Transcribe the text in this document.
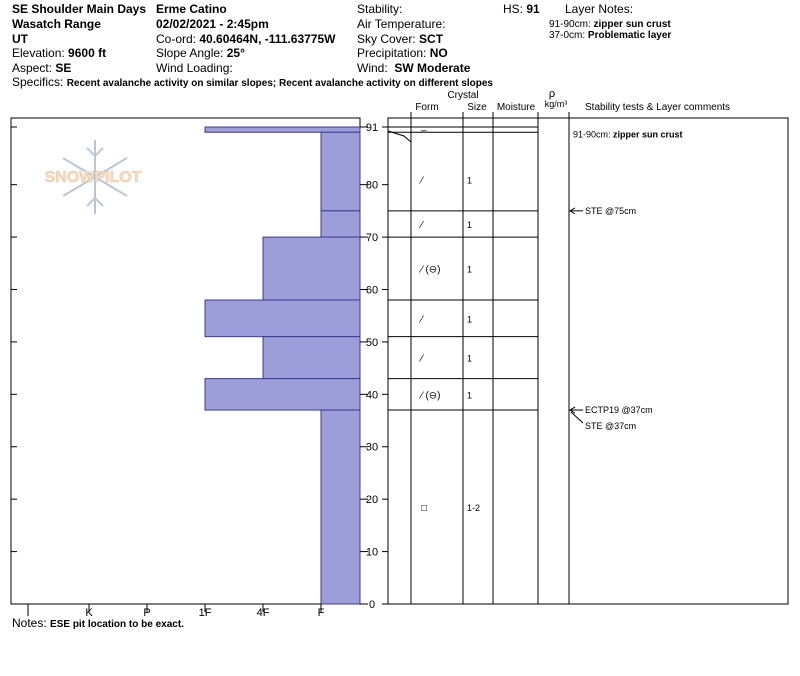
SE Shoulder Main Days
Wasatch Range
UT
Elevation: 9600 ft
Aspect: SE
Erme Catino
02/02/2021 - 2:45pm
Co-ord: 40.60464N, -111.63775W
Slope Angle: 25°
Wind Loading:
Stability:
Air Temperature:
Sky Cover: SCT
Precipitation: NO
Wind: SW Moderate
HS: 91 Layer Notes:
91-90cm: zipper sun crust
37-0cm: Problematic layer
Specifics: Recent avalanche activity on similar slopes; Recent avalanche activity on different slopes
Notes: ESE pit location to be exact.
SNOWPILOT
I	K	P	1F	4F	F
0
10
20
30
40
50
60
70
80
91
Crystal
Form	Size Moisture
ρ
kg/m³ Stability tests & Layer comments
–
⁄	1
⁄	1
⁄ (⊖)	1
⁄	1
⁄	1
⁄ (⊖)	1
□	1-2
91-90cm: zipper sun crust
STE @75cm
ECTP19 @37cm
STE @37cm
